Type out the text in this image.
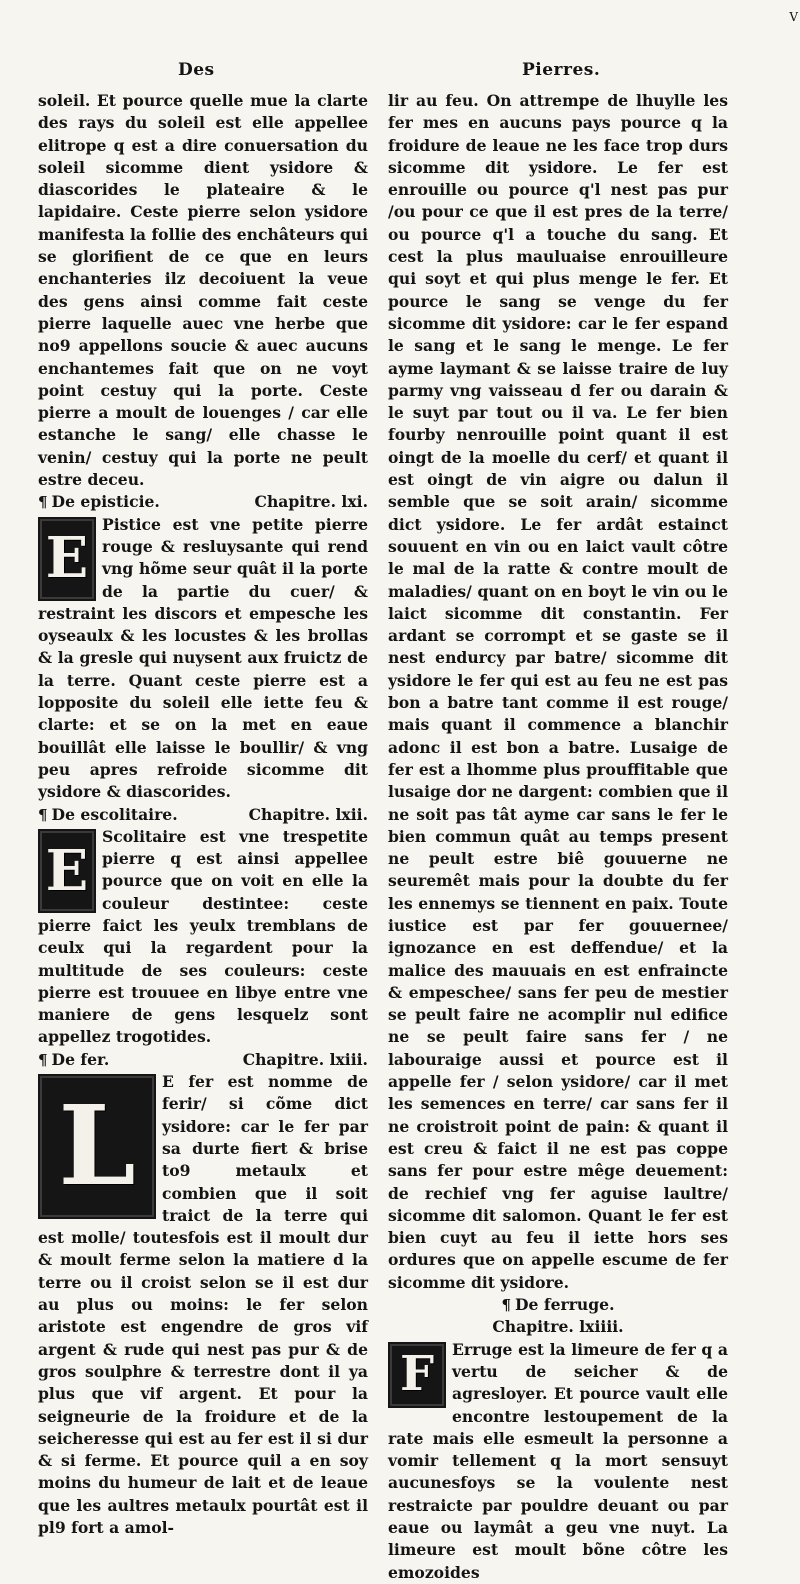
Des	Pierres.
V

soleil. Et pource quelle mue la clarte des rays du soleil est elle appellee elitrope q est a dire conuersation du soleil sicomme dient ysidore & diascorides le plateaire & le lapidaire. Ceste pierre selon ysidore manifesta la follie des enchâteurs qui se glorifient de ce que en leurs enchanteries ilz decoiuent la veue des gens ainsi comme fait ceste pierre laquelle auec vne herbe que no9 appellons soucie & auec aucuns enchantemes fait que on ne voyt point cestuy qui la porte. Ceste pierre a moult de louenges / car elle estanche le sang/ elle chasse le venin/ cestuy qui la porte ne peult estre deceu.

¶ De episticie.	Chapitre. lxi.
E

Pistice est vne petite pierre rouge & resluysante qui rend vng hõme seur quât il la porte de la partie du cuer/ & restraint les discors et empesche les oyseaulx & les locustes & les brollas & la gresle qui nuysent aux fruictz de la terre. Quant ceste pierre est a lopposite du soleil elle iette feu & clarte: et se on la met en eaue bouillât elle laisse le boullir/ & vng peu apres refroide sicomme dit ysidore & diascorides.

¶ De escolitaire.	Chapitre. lxii.
E

Scolitaire est vne trespetite pierre q est ainsi appellee pource que on voit en elle la couleur destintee: ceste pierre faict les yeulx tremblans de ceulx qui la regardent pour la multitude de ses couleurs: ceste pierre est trouuee en libye entre vne maniere de gens lesquelz sont appellez trogotides.

¶ De fer.	Chapitre. lxiii.
L	E fer est nomme de ferir/ si cõme dict ysidore: car le fer par sa durte fiert & brise to9 metaulx et combien que il soit traict de la terre qui est molle/ toutesfois est il moult dur & moult ferme selon la matiere d la terre ou il croist selon se il est dur au plus ou moins: le fer selon aristote est engendre de gros vif argent & rude qui nest pas pur & de gros soulphre & terrestre dont il ya plus que vif argent. Et pour la seigneurie de la froidure et de la seicheresse qui est au fer est il si dur & si ferme. Et pource quil a en soy moins du humeur de lait et de leaue que les aultres metaulx pourtât est il pl9 fort a amol-

lir au feu. On attrempe de lhuylle les fer mes en aucuns pays pource q la froidure de leaue ne les face trop durs sicomme dit ysidore. Le fer est enrouille ou pource q'l nest pas pur /ou pour ce que il est pres de la terre/ ou pource q'l a touche du sang. Et cest la plus mauluaise enrouilleure qui soyt et qui plus menge le fer. Et pource le sang se venge du fer sicomme dit ysidore: car le fer espand le sang et le sang le menge. Le fer ayme laymant & se laisse traire de luy parmy vng vaisseau d fer ou darain & le suyt par tout ou il va. Le fer bien fourby nenrouille point quant il est oingt de la moelle du cerf/ et quant il est oingt de vin aigre ou dalun il semble que se soit arain/ sicomme dict ysidore. Le fer ardât estainct souuent en vin ou en laict vault côtre le mal de la ratte & contre moult de maladies/ quant on en boyt le vin ou le laict sicomme dit constantin. Fer ardant se corrompt et se gaste se il nest endurcy par batre/ sicomme dit ysidore le fer qui est au feu ne est pas bon a batre tant comme il est rouge/ mais quant il commence a blanchir adonc il est bon a batre. Lusaige de fer est a lhomme plus prouffitable que lusaige dor ne dargent: combien que il ne soit pas tât ayme car sans le fer le bien commun quât au temps present ne peult estre biê gouuerne ne seuremêt mais pour la doubte du fer les ennemys se tiennent en paix. Toute iustice est par fer gouuernee/ ignozance en est deffendue/ et la malice des mauuais en est enfraincte & empeschee/ sans fer peu de mestier se peult faire ne acomplir nul edifice ne se peult faire sans fer / ne labouraige aussi et pource est il appelle fer / selon ysidore/ car il met les semences en terre/ car sans fer il ne croistroit point de pain: & quant il est creu & faict il ne est pas coppe sans fer pour estre mêge deuement: de rechief vng fer aguise laultre/ sicomme dit salomon. Quant le fer est bien cuyt au feu il iette hors ses ordures que on appelle escume de fer sicomme dit ysidore.

¶ De ferruge.
Chapitre. lxiiii.
F	Erruge est la limeure de fer q a vertu de seicher & de agresloyer. Et pource vault elle encontre lestoupement de la rate mais elle esmeult la personne a vomir tellement q la mort sensuyt aucunesfoys se la voulente nest restraicte par pouldre deuant ou par eaue ou laymât a geu vne nuyt. La limeure est moult bõne côtre les emozoides
